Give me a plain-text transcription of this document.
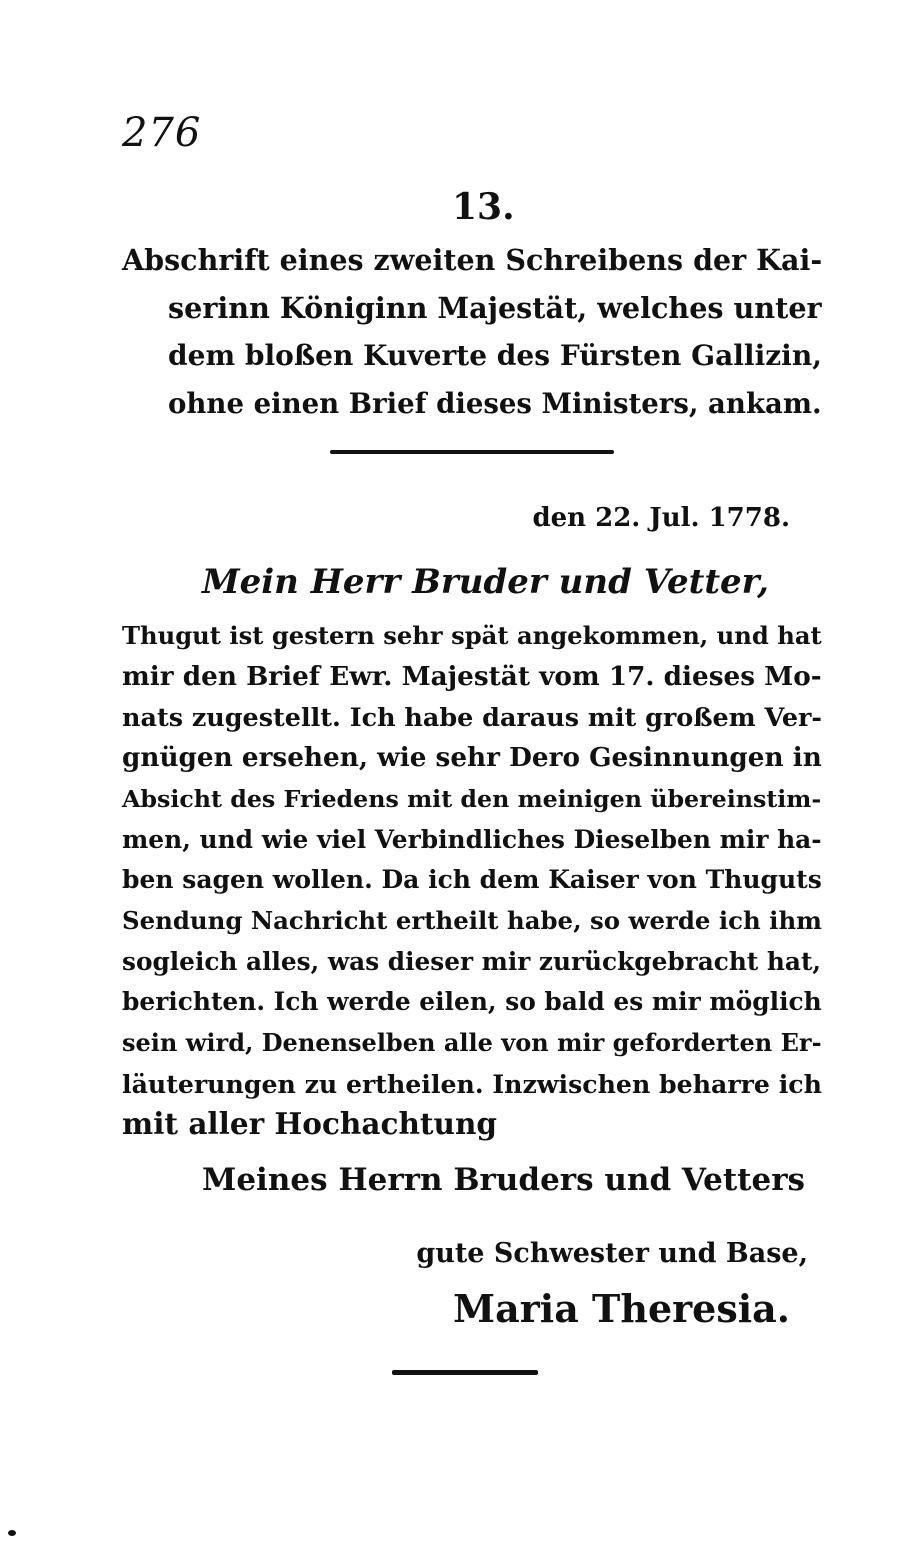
276
13.
Abschrift eines zweiten Schreibens der Kai-
serinn Königinn Majestät, welches unter
dem bloßen Kuverte des Fürsten Gallizin,
ohne einen Brief dieses Ministers, ankam.
den 22. Jul. 1778.
Mein Herr Bruder und Vetter,
Thugut ist gestern sehr spät angekommen, und hat
mir den Brief Ewr. Majestät vom 17. dieses Mo-
nats zugestellt. Ich habe daraus mit großem Ver-
gnügen ersehen, wie sehr Dero Gesinnungen in
Absicht des Friedens mit den meinigen übereinstim-
men, und wie viel Verbindliches Dieselben mir ha-
ben sagen wollen. Da ich dem Kaiser von Thuguts
Sendung Nachricht ertheilt habe, so werde ich ihm
sogleich alles, was dieser mir zurückgebracht hat,
berichten. Ich werde eilen, so bald es mir möglich
sein wird, Denenselben alle von mir geforderten Er-
läuterungen zu ertheilen. Inzwischen beharre ich
mit aller Hochachtung
Meines Herrn Bruders und Vetters
gute Schwester und Base,
Maria Theresia.
